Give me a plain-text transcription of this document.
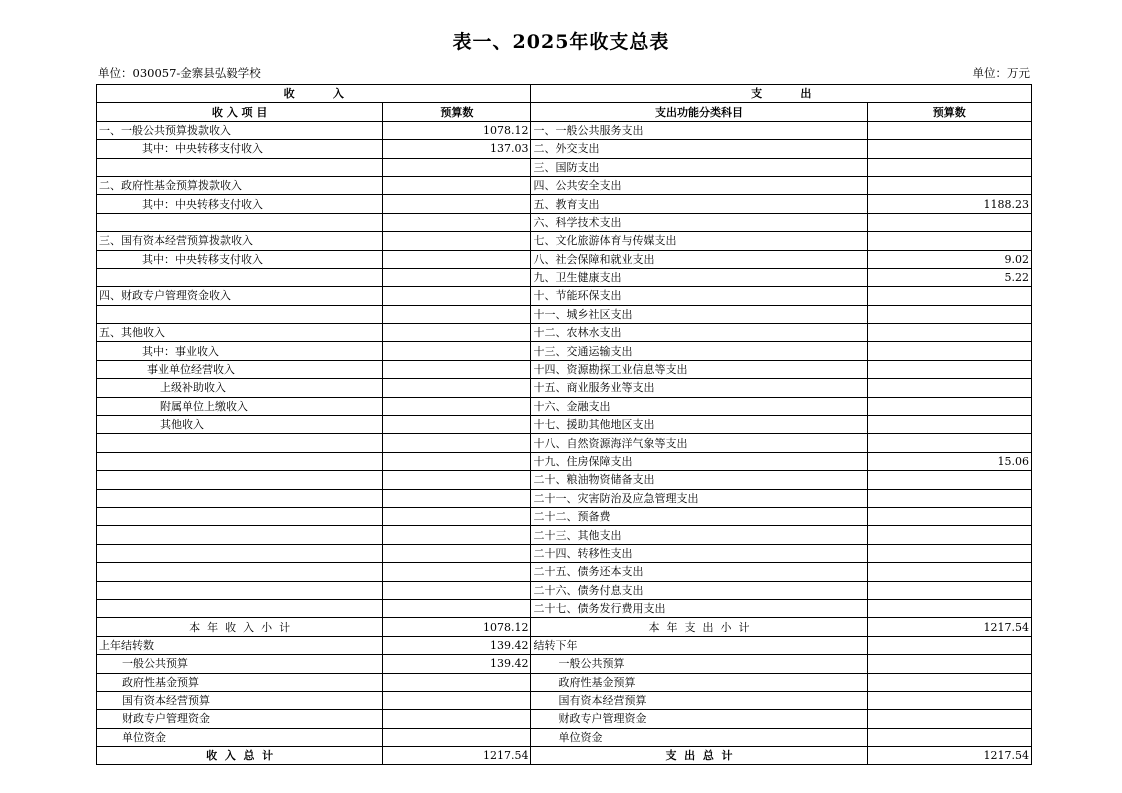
表一、2025年收支总表
单位：030057-金寨县弘毅学校	单位：万元
收          入		支          出	
收 入 项 目	预算数	支出功能分类科目	预算数
一、一般公共预算拨款收入	1078.12	一、一般公共服务支出	
其中：中央转移支付收入	137.03	二、外交支出	
		三、国防支出	
二、政府性基金预算拨款收入		四、公共安全支出	
其中：中央转移支付收入		五、教育支出	1188.23
		六、科学技术支出	
三、国有资本经营预算拨款收入		七、文化旅游体育与传媒支出	
其中：中央转移支付收入		八、社会保障和就业支出	9.02
		九、卫生健康支出	5.22
四、财政专户管理资金收入		十、节能环保支出	
		十一、城乡社区支出	
五、其他收入		十二、农林水支出	
其中：事业收入		十三、交通运输支出	
事业单位经营收入		十四、资源勘探工业信息等支出	
上级补助收入		十五、商业服务业等支出	
附属单位上缴收入		十六、金融支出	
其他收入		十七、援助其他地区支出	
		十八、自然资源海洋气象等支出	
		十九、住房保障支出	15.06
		二十、粮油物资储备支出	
		二十一、灾害防治及应急管理支出	
		二十二、预备费	
		二十三、其他支出	
		二十四、转移性支出	
		二十五、债务还本支出	
		二十六、债务付息支出	
		二十七、债务发行费用支出	
本  年  收  入  小  计	1078.12	本  年  支  出  小  计	1217.54
上年结转数	139.42	结转下年	
一般公共预算	139.42	一般公共预算	
政府性基金预算		政府性基金预算	
国有资本经营预算		国有资本经营预算	
财政专户管理资金		财政专户管理资金	
单位资金		单位资金	
收  入  总  计	1217.54	支  出  总  计	1217.54
